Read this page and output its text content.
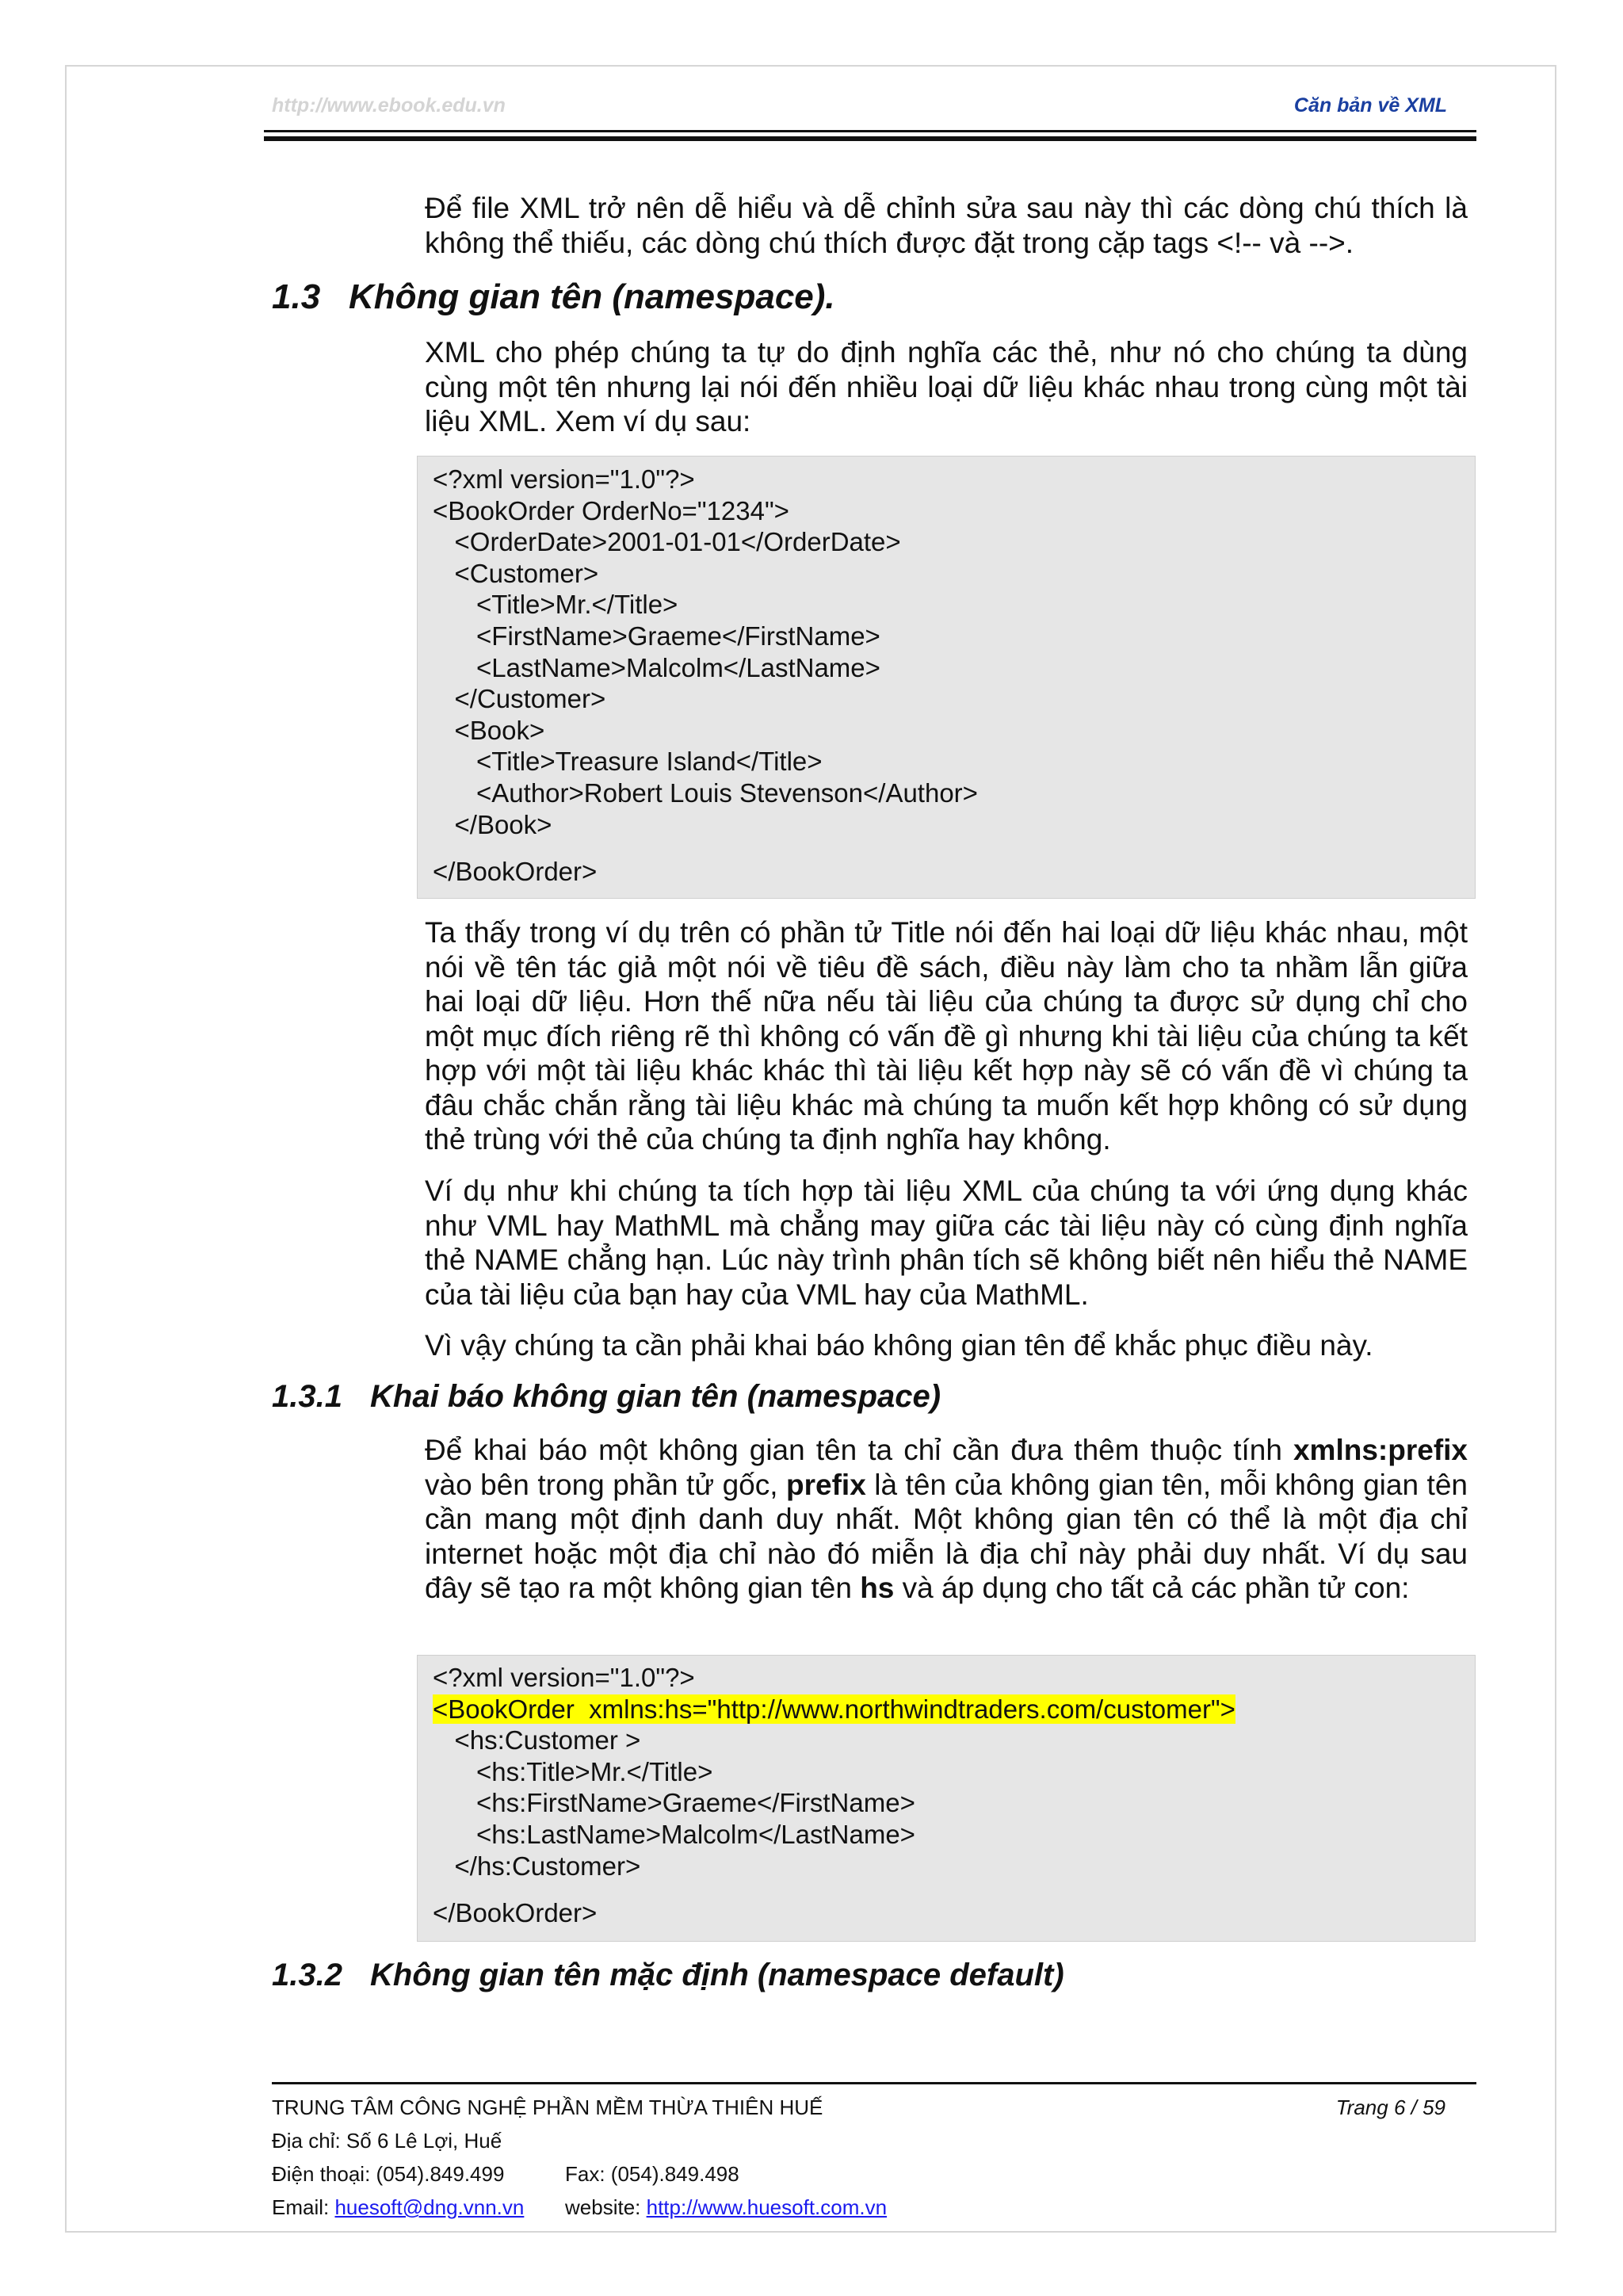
http://www.ebook.edu.vn	Căn bản về XML

Để file XML trở nên dễ hiểu và dễ chỉnh sửa sau này thì các dòng chú thích là không thể thiếu, các dòng chú thích được đặt trong cặp tags <!-- và -->.

1.3 Không gian tên (namespace).

XML cho phép chúng ta tự do định nghĩa các thẻ, như nó cho chúng ta dùng cùng một tên nhưng lại nói đến nhiều loại dữ liệu khác nhau trong cùng một tài liệu XML. Xem ví dụ sau:

<?xml version="1.0"?>
<BookOrder OrderNo="1234">
<OrderDate>2001-01-01</OrderDate>
<Customer>
<Title>Mr.</Title>
<FirstName>Graeme</FirstName>
<LastName>Malcolm</LastName>
</Customer>
<Book>
<Title>Treasure Island</Title>
<Author>Robert Louis Stevenson</Author>
</Book>
</BookOrder>

Ta thấy trong ví dụ trên có phần tử Title nói đến hai loại dữ liệu khác nhau, một nói về tên tác giả một nói về tiêu đề sách, điều này làm cho ta nhầm lẫn giữa hai loại dữ liệu. Hơn thế nữa nếu tài liệu của chúng ta được sử dụng chỉ cho một mục đích riêng rẽ thì không có vấn đề gì nhưng khi tài liệu của chúng ta kết hợp với một tài liệu khác khác thì tài liệu kết hợp này sẽ có vấn đề vì chúng ta đâu chắc chắn rằng tài liệu khác mà chúng ta muốn kết hợp không có sử dụng thẻ trùng với thẻ của chúng ta định nghĩa hay không.

Ví dụ như khi chúng ta tích hợp tài liệu XML của chúng ta với ứng dụng khác như VML hay MathML mà chẳng may giữa các tài liệu này có cùng định nghĩa thẻ NAME chẳng hạn. Lúc này trình phân tích sẽ không biết nên hiểu thẻ NAME của tài liệu của bạn hay của VML hay của MathML.

Vì vậy chúng ta cần phải khai báo không gian tên để khắc phục điều này.

1.3.1 Khai báo không gian tên (namespace)

Để khai báo một không gian tên ta chỉ cần đưa thêm thuộc tính xmlns:prefix vào bên trong phần tử gốc, prefix là tên của không gian tên, mỗi không gian tên cần mang một định danh duy nhất. Một không gian tên có thể là một địa chỉ internet hoặc một địa chỉ nào đó miễn là địa chỉ này phải duy nhất. Ví dụ sau đây sẽ tạo ra một không gian tên hs và áp dụng cho tất cả các phần tử con:

<?xml version="1.0"?>
<BookOrder  xmlns:hs="http://www.northwindtraders.com/customer">
<hs:Customer >
<hs:Title>Mr.</Title>
<hs:FirstName>Graeme</FirstName>
<hs:LastName>Malcolm</LastName>
</hs:Customer>
</BookOrder>
1.3.2 Không gian tên mặc định (namespace default)
TRUNG TÂM CÔNG NGHỆ PHẦN MỀM THỪA THIÊN HUẾ	Trang 6 / 59
Địa chỉ: Số 6 Lê Lợi, Huế
Điện thoại: (054).849.499	Fax: (054).849.498
Email: huesoft@dng.vnn.vn website: http://www.huesoft.com.vn
